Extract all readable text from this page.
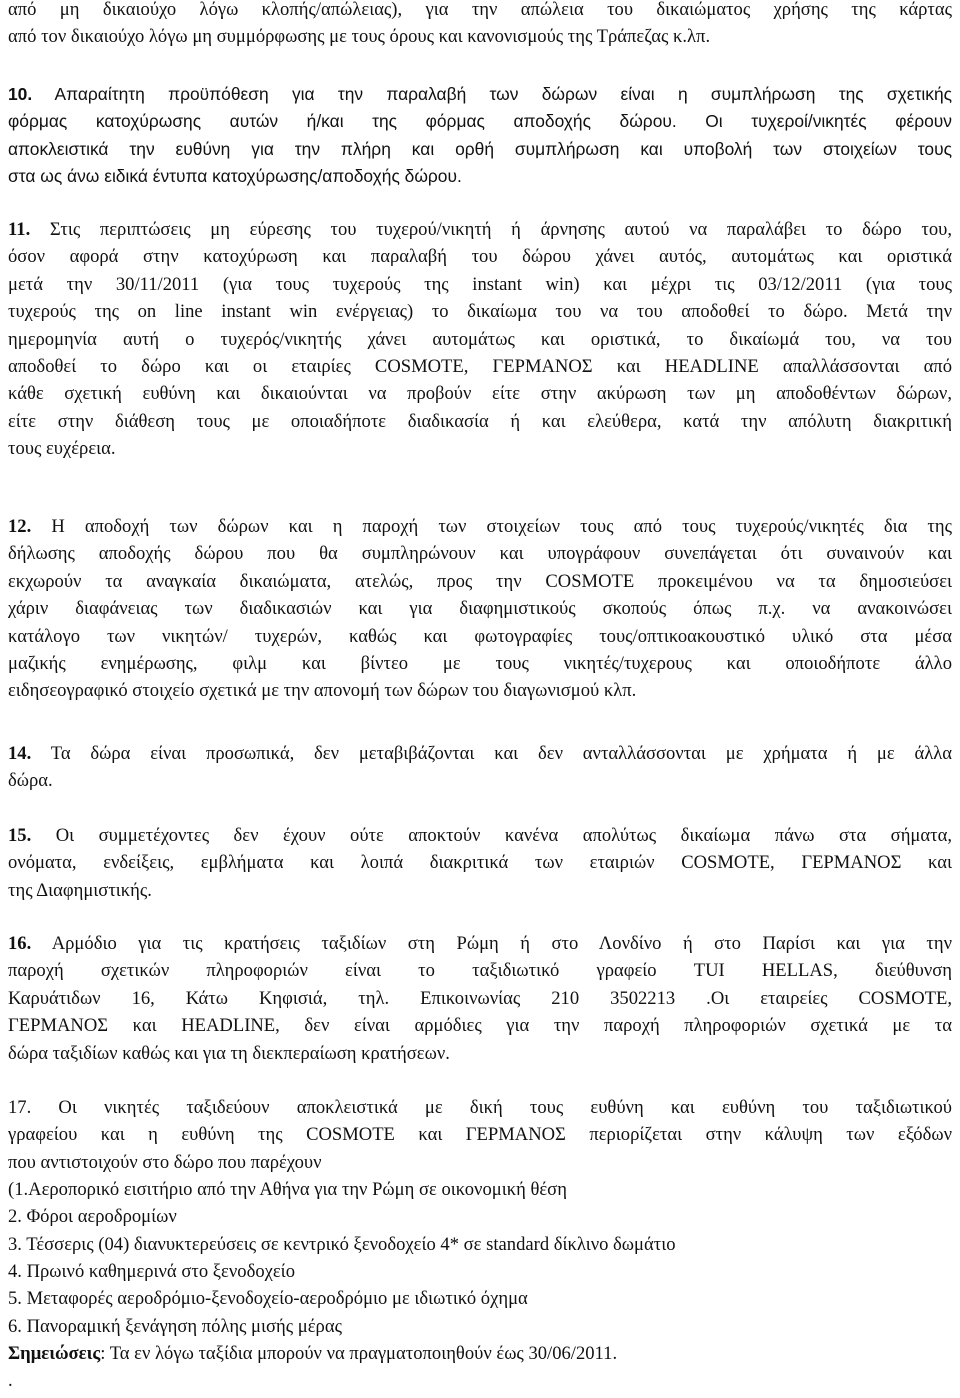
από μη δικαιούχο λόγω κλοπής/απώλειας), για την απώλεια του δικαιώματος χρήσης της κάρτας
από τον δικαιούχο λόγω μη συμμόρφωσης με τους όρους και κανονισμούς της Τράπεζας κ.λπ.

10. Απαραίτητη προϋπόθεση για την παραλαβή των δώρων είναι η συμπλήρωση της σχετικής
φόρμας κατοχύρωσης αυτών ή/και της φόρμας αποδοχής δώρου. Οι τυχεροί/νικητές φέρουν
αποκλειστικά την ευθύνη για την πλήρη και ορθή συμπλήρωση και υποβολή των στοιχείων τους
στα ως άνω ειδικά έντυπα κατοχύρωσης/αποδοχής δώρου.

11. Στις περιπτώσεις μη εύρεσης του τυχερού/νικητή ή άρνησης αυτού να παραλάβει το δώρο του,
όσον αφορά στην κατοχύρωση και παραλαβή του δώρου χάνει αυτός, αυτομάτως και οριστικά
μετά την 30/11/2011 (για τους τυχερούς της instant win) και μέχρι τις 03/12/2011 (για τους
τυχερούς της on line instant win ενέργειας) το δικαίωμα του να του αποδοθεί το δώρο. Μετά την
ημερομηνία αυτή ο τυχερός/νικητής χάνει αυτομάτως και οριστικά, το δικαίωμά του, να του
αποδοθεί το δώρο και οι εταιρίες COSMOTE, ΓΕΡΜΑΝΟΣ και HEADLINE απαλλάσσονται από
κάθε σχετική ευθύνη και δικαιούνται να προβούν είτε στην ακύρωση των μη αποδοθέντων δώρων,
είτε στην διάθεση τους με οποιαδήποτε διαδικασία ή και ελεύθερα, κατά την απόλυτη διακριτική
τους ευχέρεια.

12. Η αποδοχή των δώρων και η παροχή των στοιχείων τους από τους τυχερούς/νικητές δια της
δήλωσης αποδοχής δώρου που θα συμπληρώνουν και υπογράφουν συνεπάγεται ότι συναινούν και
εκχωρούν τα αναγκαία δικαιώματα, ατελώς, προς την COSMOTE προκειμένου να τα δημοσιεύσει
χάριν διαφάνειας των διαδικασιών και για διαφημιστικούς σκοπούς όπως π.χ. να ανακοινώσει
κατάλογο των νικητών/ τυχερών, καθώς και φωτογραφίες τους/οπτικοακουστικό υλικό στα μέσα
μαζικής ενημέρωσης, φιλμ και βίντεο με τους νικητές/τυχερους και οποιοδήποτε άλλο
ειδησεογραφικό στοιχείο σχετικά με την απονομή των δώρων του διαγωνισμού κλπ.

14. Τα δώρα είναι προσωπικά, δεν μεταβιβάζονται και δεν ανταλλάσσονται με χρήματα ή με άλλα
δώρα.

15. Οι συμμετέχοντες δεν έχουν ούτε αποκτούν κανένα απολύτως δικαίωμα πάνω στα σήματα,
ονόματα, ενδείξεις, εμβλήματα και λοιπά διακριτικά των εταιριών COSMOTE, ΓΕΡΜΑΝΟΣ και
της Διαφημιστικής.

16. Αρμόδιο για τις κρατήσεις ταξιδίων στη Ρώμη ή στο Λονδίνο ή στο Παρίσι και για την
παροχή σχετικών πληροφοριών είναι το ταξιδιωτικό γραφείο TUI HELLAS, διεύθυνση
Καρυάτιδων 16, Κάτω Κηφισιά, τηλ. Επικοινωνίας 210 3502213 .Οι εταιρείες COSMOTE,
ΓΕΡΜΑΝΟΣ και HEADLINE, δεν είναι αρμόδιες για την παροχή πληροφοριών σχετικά με τα
δώρα ταξιδίων καθώς και για τη διεκπεραίωση κρατήσεων.

17. Οι νικητές ταξιδεύουν αποκλειστικά με δική τους ευθύνη και ευθύνη του ταξιδιωτικού
γραφείου και η ευθύνη της COSMOTE και ΓΕΡΜΑΝΟΣ περιορίζεται στην κάλυψη των εξόδων
που αντιστοιχούν στο δώρο που παρέχουν

(1.Αεροπορικό εισιτήριο από την Αθήνα για την Ρώμη σε οικονομική θέση

2. Φόροι αεροδρομίων

3. Τέσσερις (04) διανυκτερεύσεις σε κεντρικό ξενοδοχείο 4* σε standard δίκλινο δωμάτιο

4. Πρωινό καθημερινά στο ξενοδοχείο

5. Μεταφορές αεροδρόμιο-ξενοδοχείο-αεροδρόμιο με ιδιωτικό όχημα

6. Πανοραμική ξενάγηση πόλης μισής μέρας

Σημειώσεις: Τα εν λόγω ταξίδια μπορούν να πραγματοποιηθούν έως 30/06/2011.

.
